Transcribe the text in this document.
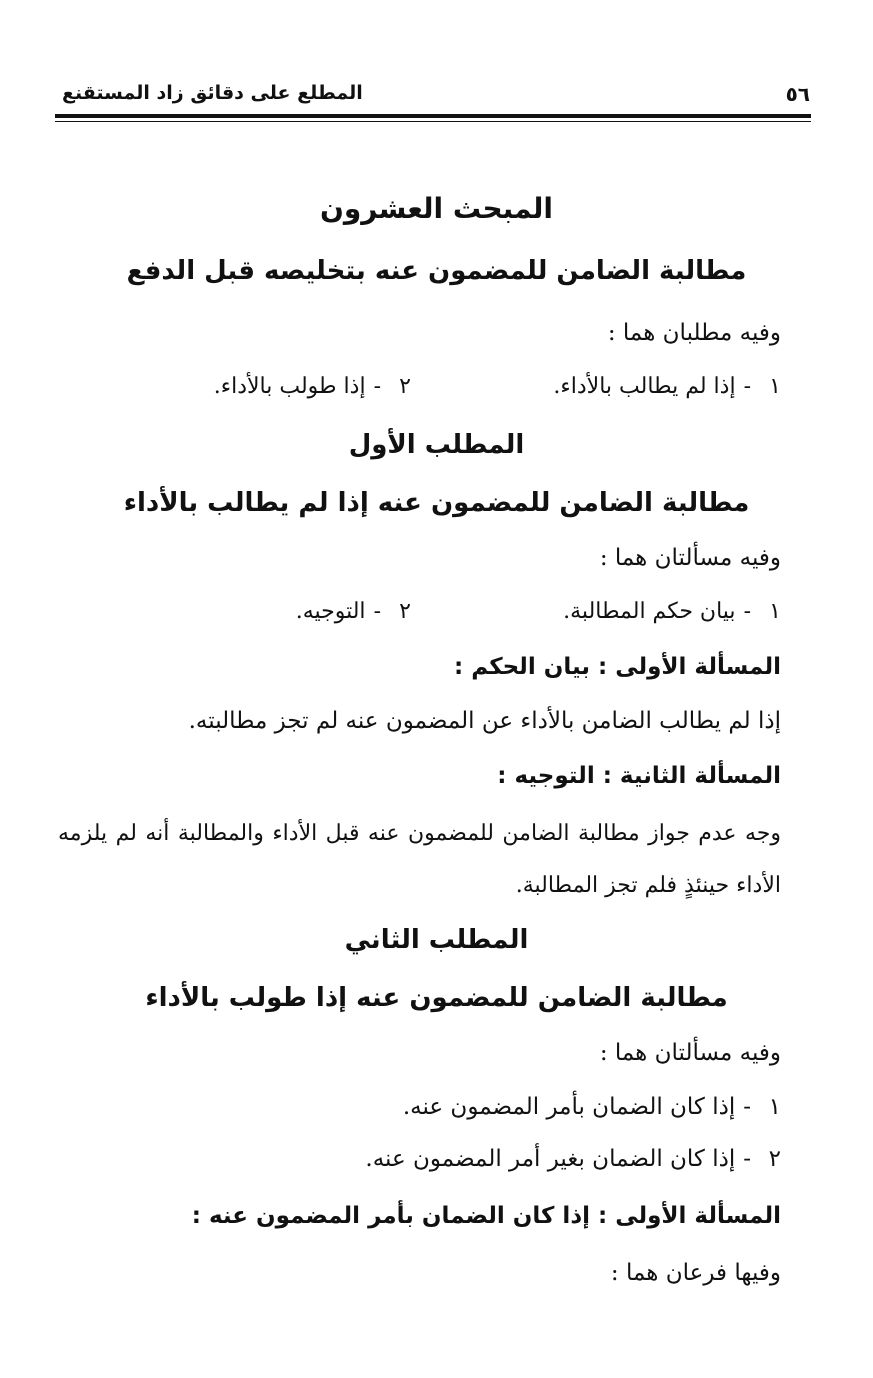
٥٦
المطلع على دقائق زاد المستقنع
المبحث العشرون
مطالبة الضامن للمضمون عنه بتخليصه قبل الدفع
وفيه مطلبان هما :
١-إذا لم يطالب بالأداء.
٢-إذا طولب بالأداء.
المطلب الأول
مطالبة الضامن للمضمون عنه إذا لم يطالب بالأداء
وفيه مسألتان هما :
١-بيان حكم المطالبة.
٢-التوجيه.
المسألة الأولى : بيان الحكم :
إذا لم يطالب الضامن بالأداء عن المضمون عنه لم تجز مطالبته.
المسألة الثانية : التوجيه :
وجه عدم جواز مطالبة الضامن للمضمون عنه قبل الأداء والمطالبة أنه لم يلزمه الأداء حينئذٍ فلم تجز المطالبة.
المطلب الثاني
مطالبة الضامن للمضمون عنه إذا طولب بالأداء
وفيه مسألتان هما :
١-إذا كان الضمان بأمر المضمون عنه.
٢-إذا كان الضمان بغير أمر المضمون عنه.
المسألة الأولى : إذا كان الضمان بأمر المضمون عنه :
وفيها فرعان هما :
